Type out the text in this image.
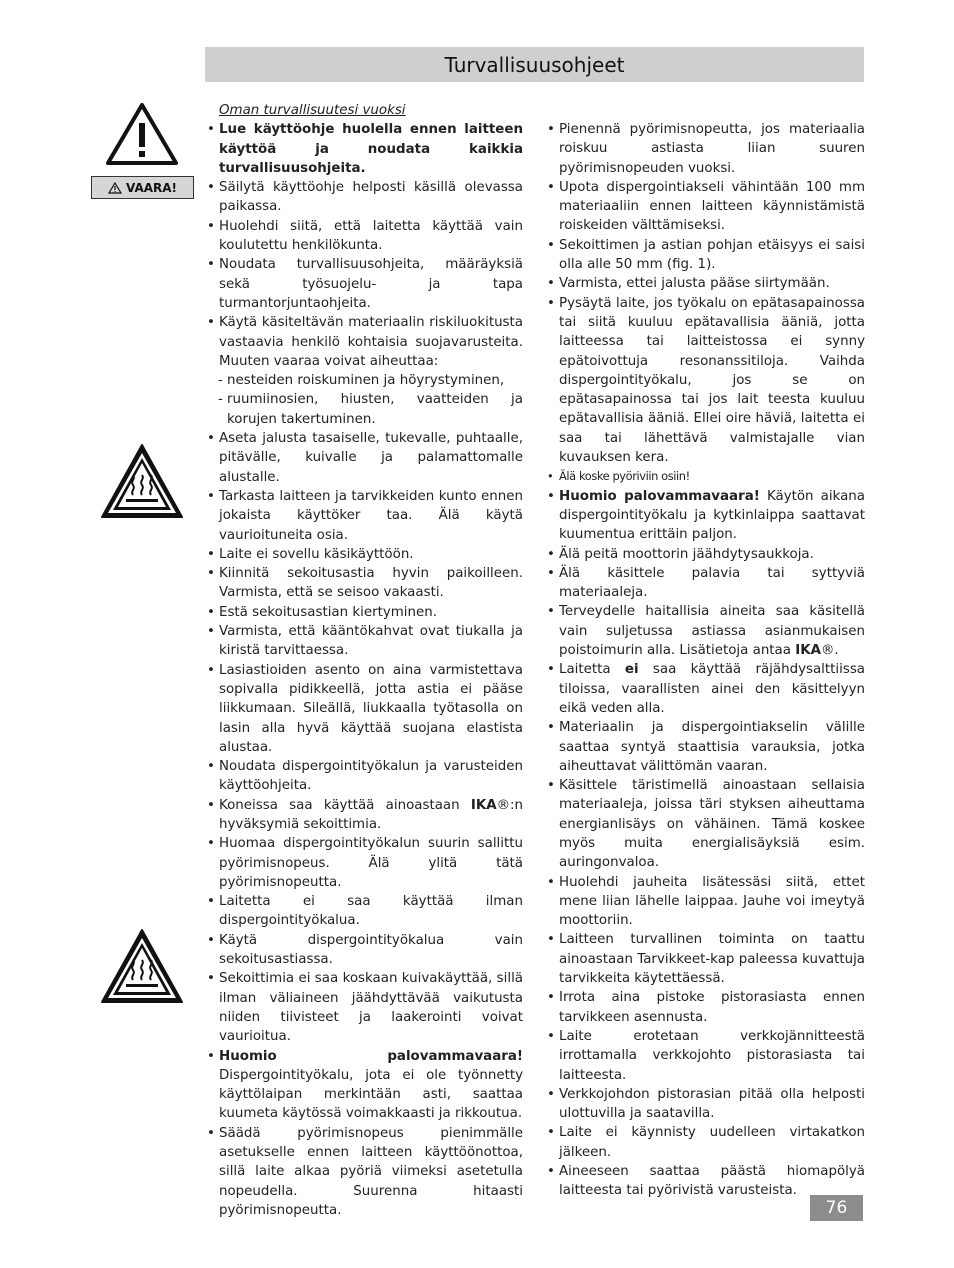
Turvallisuusohjeet
VAARA!
Oman turvallisuutesi vuoksi
• Lue käyttöohje huolella ennen laitteen käyttöä ja noudata kaikkia turvallisuusohjeita.
• Säilytä käyttöohje helposti käsillä olevassa paikassa.
• Huolehdi siitä, että laitetta käyttää vain koulutettu henkilökunta.
• Noudata turvallisuusohjeita, määräyksiä sekä työsuojelu- ja tapa turmantorjuntaohjeita.
• Käytä käsiteltävän materiaalin riskiluokitusta vastaavia henkilö kohtaisia suojavarusteita. Muuten vaaraa voivat aiheuttaa:
- nesteiden roiskuminen ja höyrystyminen,
- ruumiinosien, hiusten, vaatteiden ja korujen takertuminen.
• Aseta jalusta tasaiselle, tukevalle, puhtaalle, pitävälle, kuivalle ja palamattomalle alustalle.
• Tarkasta laitteen ja tarvikkeiden kunto ennen jokaista käyttöker taa. Älä käytä vaurioituneita osia.
• Laite ei sovellu käsikäyttöön.
• Kiinnitä sekoitusastia hyvin paikoilleen. Varmista, että se seisoo vakaasti.
• Estä sekoitusastian kiertyminen.
• Varmista, että kääntökahvat ovat tiukalla ja kiristä tarvittaessa.
• Lasiastioiden asento on aina varmistettava sopivalla pidikkeellä, jotta astia ei pääse liikkumaan. Sileällä, liukkaalla työtasolla on lasin alla hyvä käyttää suojana elastista alustaa.
• Noudata dispergointityökalun ja varusteiden käyttöohjeita.
• Koneissa saa käyttää ainoastaan IKA®:n hyväksymiä sekoittimia.
• Huomaa dispergointityökalun suurin sallittu pyörimisnopeus. Älä ylitä tätä pyörimisnopeutta.
• Laitetta ei saa käyttää ilman dispergointityökalua.
• Käytä dispergointityökalua vain sekoitusastiassa.
• Sekoittimia ei saa koskaan kuivakäyttää, sillä ilman väliaineen jäähdyttävää vaikutusta niiden tiivisteet ja laakerointi voivat vaurioitua.
• Huomio palovammavaara! Dispergointityökalu, jota ei ole työnnetty käyttölaipan merkintään asti, saattaa kuumeta käytössä voimakkaasti ja rikkoutua.
• Säädä pyörimisnopeus pienimmälle asetukselle ennen laitteen käyttöönottoa, sillä laite alkaa pyöriä viimeksi asetetulla nopeudella. Suurenna hitaasti pyörimisnopeutta.
• Pienennä pyörimisnopeutta, jos materiaalia roiskuu astiasta liian suuren pyörimisnopeuden vuoksi.
• Upota dispergointiakseli vähintään 100 mm materiaaliin ennen laitteen käynnistämistä roiskeiden välttämiseksi.
• Sekoittimen ja astian pohjan etäisyys ei saisi olla alle 50 mm (fig. 1).
• Varmista, ettei jalusta pääse siirtymään.
• Pysäytä laite, jos työkalu on epätasapainossa tai siitä kuuluu epätavallisia ääniä, jotta laitteessa tai laitteistossa ei synny epätoivottuja resonanssitiloja. Vaihda dispergointityökalu, jos se on epätasapainossa tai jos lait teesta kuuluu epätavallisia ääniä. Ellei oire häviä, laitetta ei saa tai lähettävä valmistajalle vian kuvauksen kera.
• Älä koske pyöriviin osiin!
• Huomio palovammavaara! Käytön aikana dispergointityökalu ja kytkinlaippa saattavat kuumentua erittäin paljon.
• Älä peitä moottorin jäähdytysaukkoja.
• Älä käsittele palavia tai syttyviä materiaaleja.
• Terveydelle haitallisia aineita saa käsitellä vain suljetussa astiassa asianmukaisen poistoimurin alla. Lisätietoja antaa IKA®.
• Laitetta ei saa käyttää räjähdysalttiissa tiloissa, vaarallisten ainei den käsittelyyn eikä veden alla.
• Materiaalin ja dispergointiakselin välille saattaa syntyä staattisia varauksia, jotka aiheuttavat välittömän vaaran.
• Käsittele täristimellä ainoastaan sellaisia materiaaleja, joissa täri styksen aiheuttama energianlisäys on vähäinen. Tämä koskee myös muita energialisäyksiä esim. auringonvaloa.
• Huolehdi jauheita lisätessäsi siitä, ettet mene liian lähelle laippaa. Jauhe voi imeytyä moottoriin.
• Laitteen turvallinen toiminta on taattu ainoastaan Tarvikkeet-kap paleessa kuvattuja tarvikkeita käytettäessä.
• Irrota aina pistoke pistorasiasta ennen tarvikkeen asennusta.
• Laite erotetaan verkkojännitteestä irrottamalla verkkojohto pistorasiasta tai laitteesta.
• Verkkojohdon pistorasian pitää olla helposti ulottuvilla ja saatavilla.
• Laite ei käynnisty uudelleen virtakatkon jälkeen.
• Aineeseen saattaa päästä hiomapölyä laitteesta tai pyörivistä varusteista.
76
